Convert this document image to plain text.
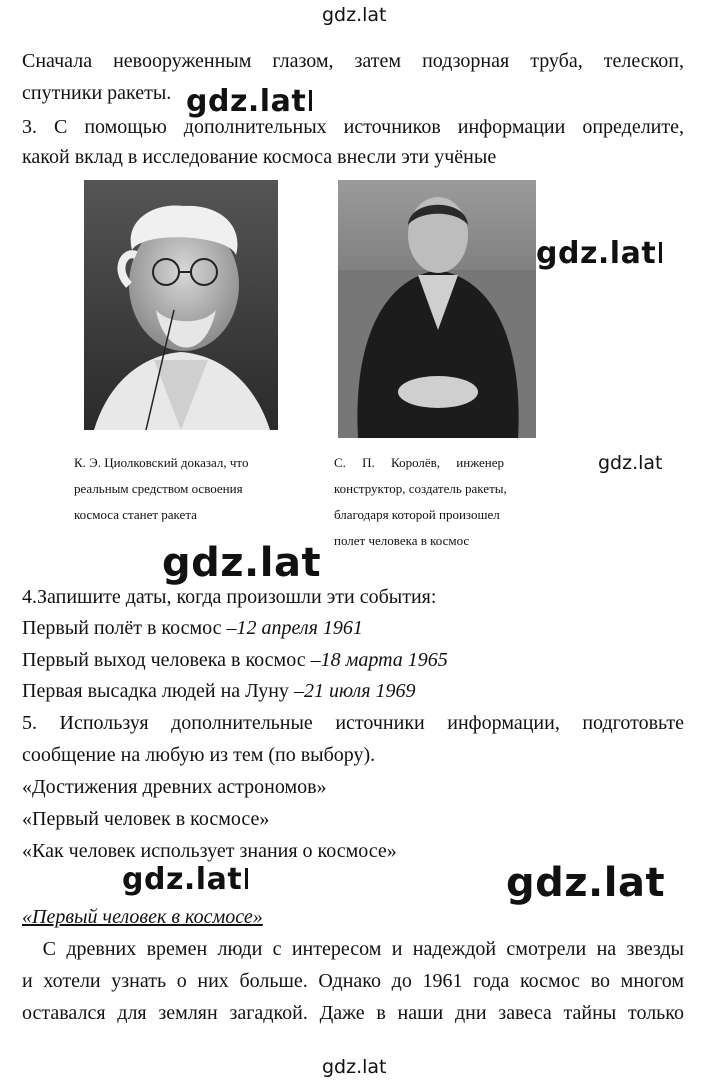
gdz.lat
Сначала невооруженным глазом, затем подзорная труба, телескоп,
спутники ракеты. gdz.lat
3. С помощью дополнительных источников информации определите,
какой вклад в исследование космоса внесли эти учёные
gdz.lat
К. Э. Циолковский доказал, что
реальным средством освоения
космоса станет ракета
С.     П.     Королёв,     инженер
конструктор, создатель ракеты,
благодаря которой произошел
полет человека в космос
gdz.lat
gdz.lat
4.Запишите даты, когда произошли эти события:
Первый полёт в космос –12 апреля 1961
Первый выход человека в космос –18 марта 1965
Первая высадка людей на Луну –21 июля 1969
5. Используя дополнительные источники информации, подготовьте
сообщение на любую из тем (по выбору).
«Достижения древних астрономов»
«Первый человек в космосе»
«Как человек использует знания о космосе»
gdz.lat	gdz.lat
«Первый человек в космосе»
С древних времен люди с интересом и надеждой смотрели на звезды
и хотели узнать о них больше. Однако до 1961 года космос во многом
оставался для землян загадкой. Даже в наши дни завеса тайны только
gdz.lat
